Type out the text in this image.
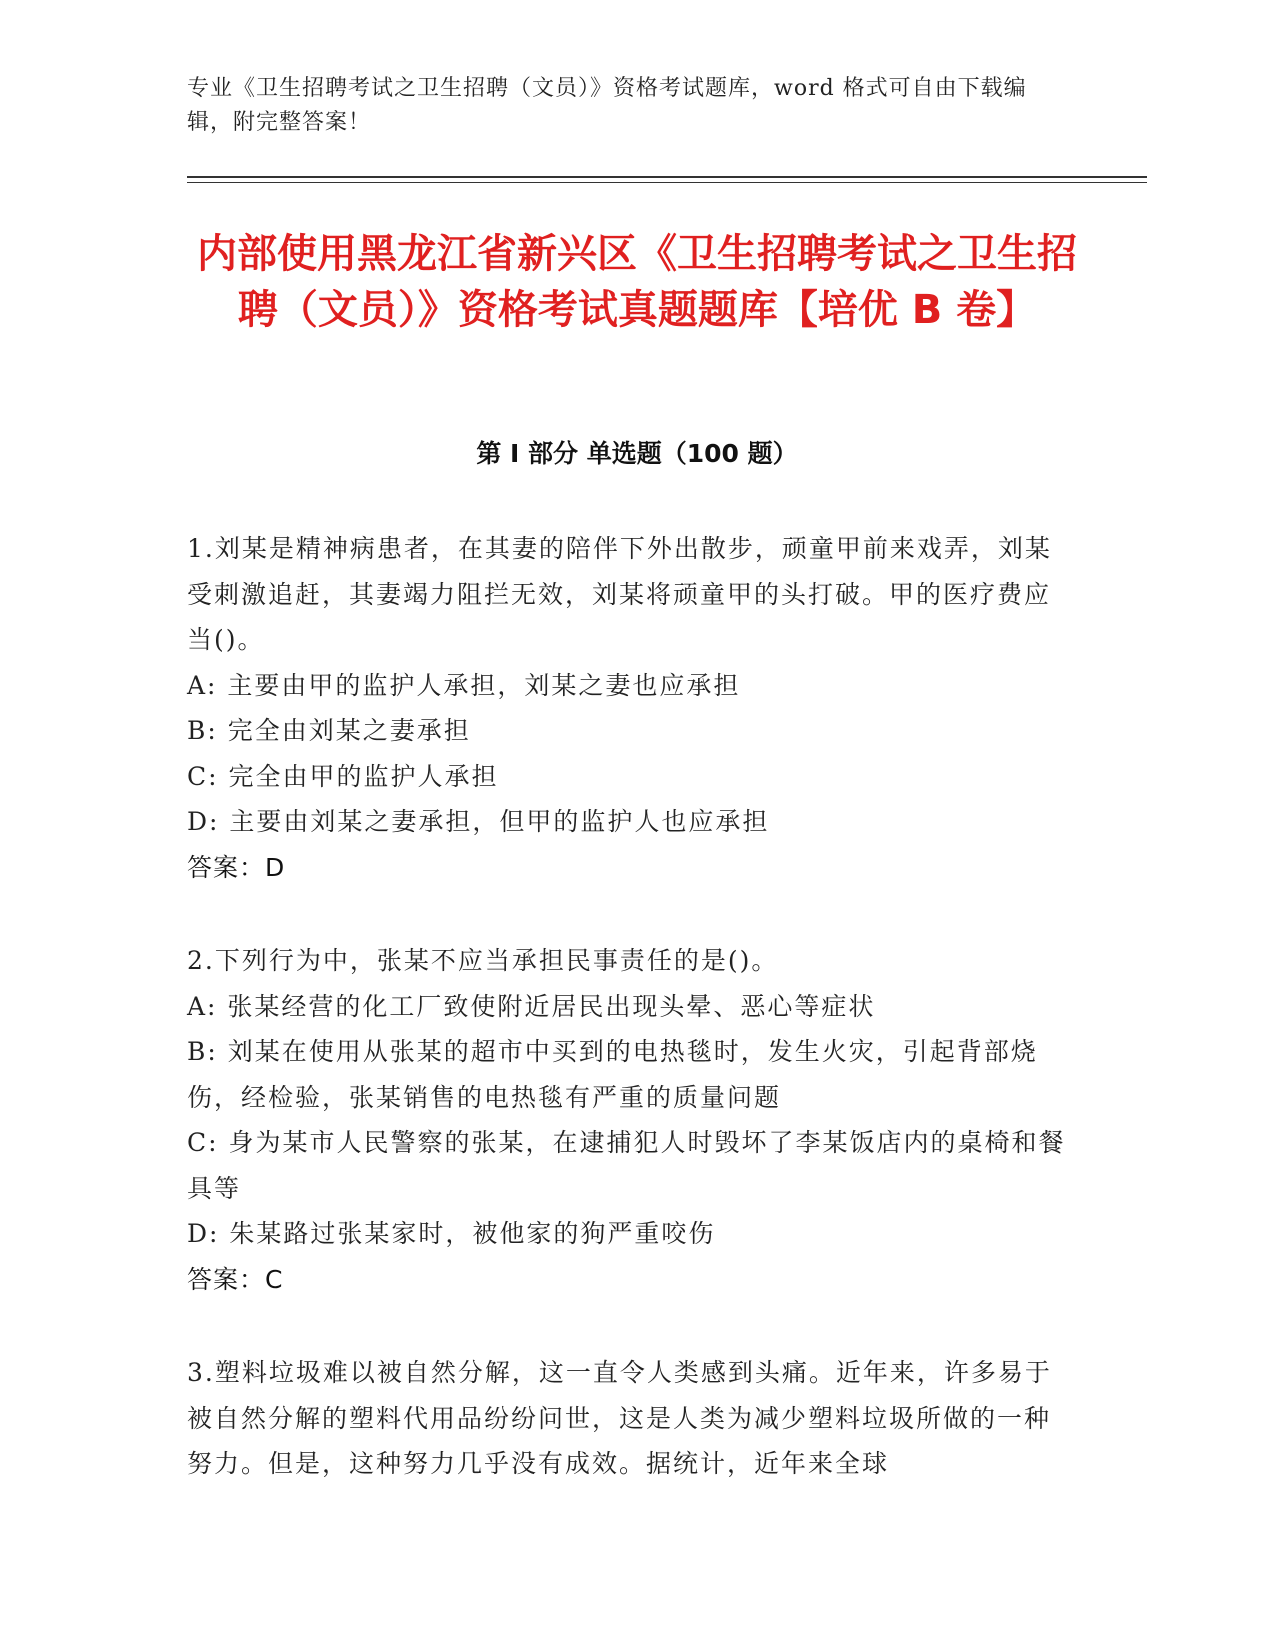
专业《卫生招聘考试之卫生招聘（文员）》资格考试题库，word 格式可自由下载编辑，附完整答案！
内部使用黑龙江省新兴区《卫生招聘考试之卫生招聘（文员）》资格考试真题题库【培优 B 卷】
第 I 部分 单选题（100 题）

1.刘某是精神病患者，在其妻的陪伴下外出散步，顽童甲前来戏弄，刘某受刺激追赶，其妻竭力阻拦无效，刘某将顽童甲的头打破。甲的医疗费应当()。

A: 主要由甲的监护人承担，刘某之妻也应承担

B: 完全由刘某之妻承担

C: 完全由甲的监护人承担

D: 主要由刘某之妻承担，但甲的监护人也应承担

答案：D

2.下列行为中，张某不应当承担民事责任的是()。

A: 张某经营的化工厂致使附近居民出现头晕、恶心等症状

B: 刘某在使用从张某的超市中买到的电热毯时，发生火灾，引起背部烧伤，经检验，张某销售的电热毯有严重的质量问题

C: 身为某市人民警察的张某，在逮捕犯人时毁坏了李某饭店内的桌椅和餐具等

D: 朱某路过张某家时，被他家的狗严重咬伤

答案：C

3.塑料垃圾难以被自然分解，这一直令人类感到头痛。近年来，许多易于被自然分解的塑料代用品纷纷问世，这是人类为减少塑料垃圾所做的一种努力。但是，这种努力几乎没有成效。据统计，近年来全球
